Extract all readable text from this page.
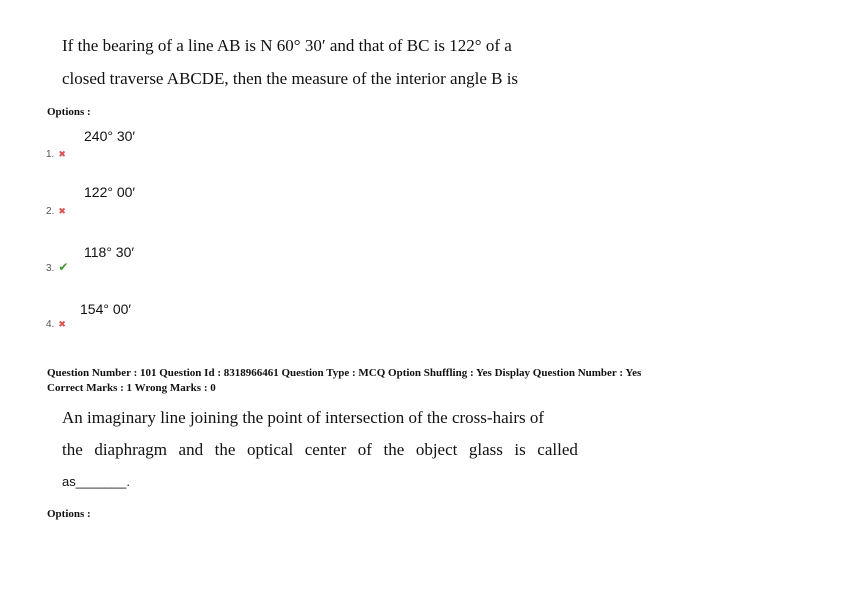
If the bearing of a line AB is N 60° 30′ and that of BC is 122° of a
closed traverse ABCDE, then the measure of the interior angle B is
Options :
240° 30′
1. ✖
122° 00′
2. ✖
118° 30′
3. ✔
154° 00′
4. ✖
Question Number : 101 Question Id : 8318966461 Question Type : MCQ Option Shuffling : Yes Display Question Number : Yes
Correct Marks : 1 Wrong Marks : 0
An imaginary line joining the point of intersection of the cross-hairs of
the diaphragm and the optical center of the object glass is called
as_______.
Options :
